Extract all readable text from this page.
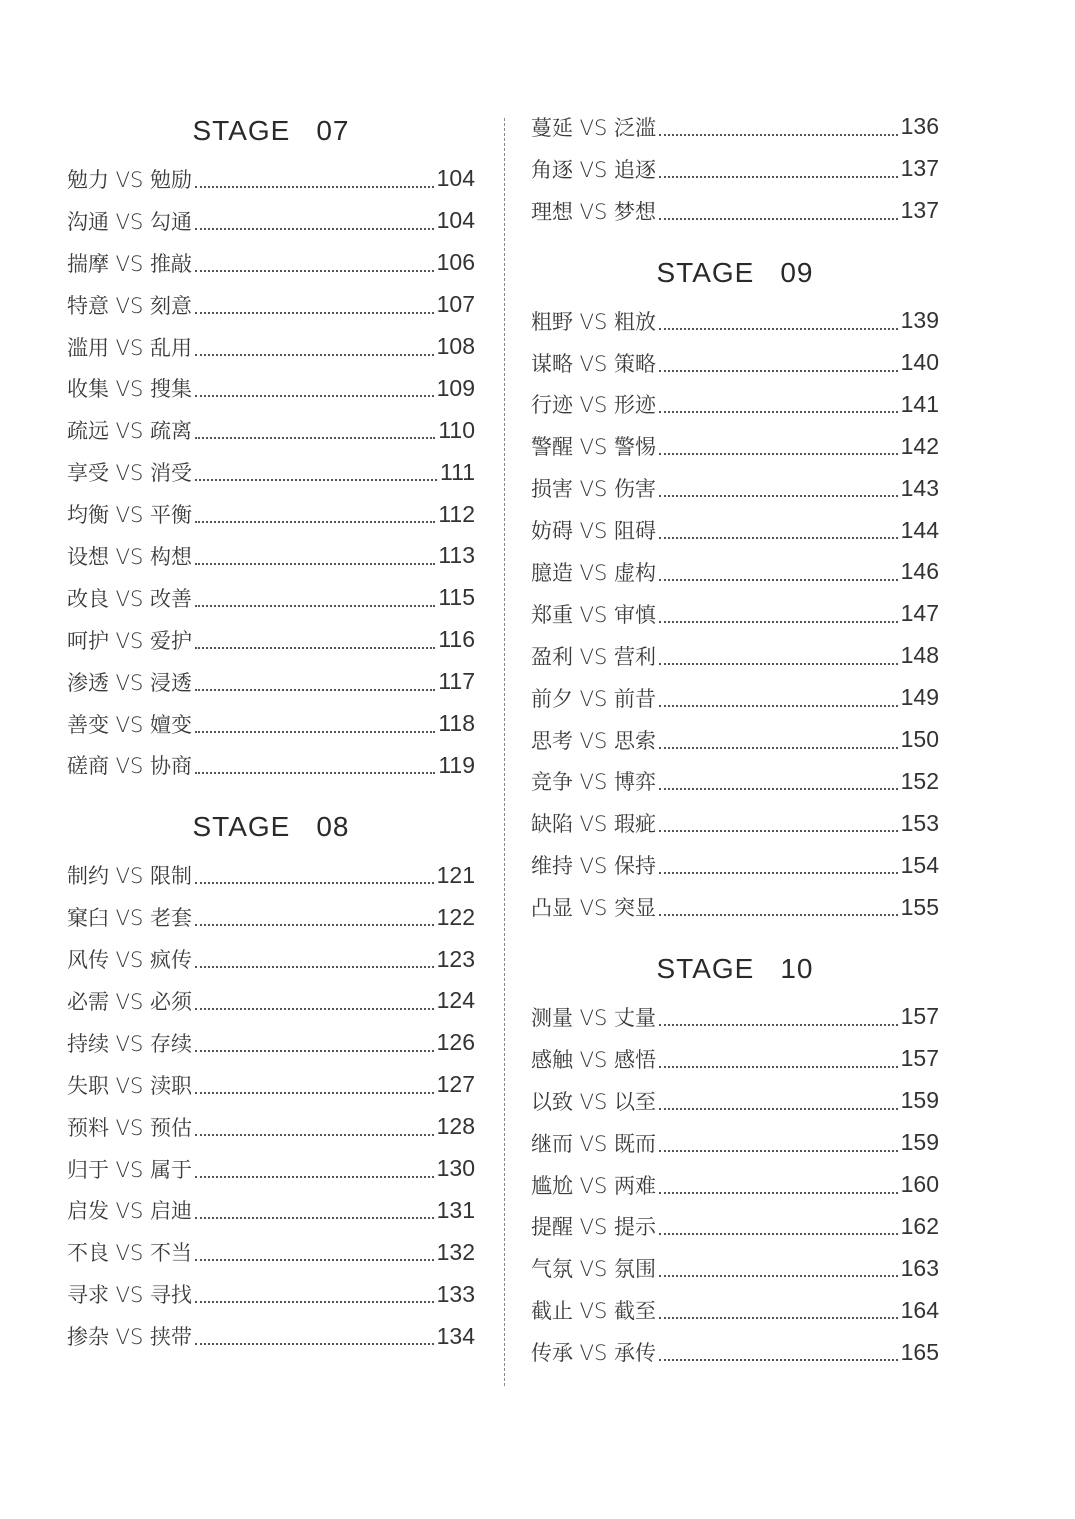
STAGE 07
勉力 VS 勉励	104
沟通 VS 勾通	104
揣摩 VS 推敲	106
特意 VS 刻意	107
滥用 VS 乱用	108
收集 VS 搜集	109
疏远 VS 疏离	110
享受 VS 消受	111
均衡 VS 平衡	112
设想 VS 构想	113
改良 VS 改善	115
呵护 VS 爱护	116
渗透 VS 浸透	117
善变 VS 嬗变	118
磋商 VS 协商	119
STAGE 08
制约 VS 限制	121
窠臼 VS 老套	122
风传 VS 疯传	123
必需 VS 必须	124
持续 VS 存续	126
失职 VS 渎职	127
预料 VS 预估	128
归于 VS 属于	130
启发 VS 启迪	131
不良 VS 不当	132
寻求 VS 寻找	133
掺杂 VS 挟带	134
蔓延 VS 泛滥	136
角逐 VS 追逐	137
理想 VS 梦想	137
STAGE 09
粗野 VS 粗放	139
谋略 VS 策略	140
行迹 VS 形迹	141
警醒 VS 警惕	142
损害 VS 伤害	143
妨碍 VS 阻碍	144
臆造 VS 虚构	146
郑重 VS 审慎	147
盈利 VS 营利	148
前夕 VS 前昔	149
思考 VS 思索	150
竞争 VS 博弈	152
缺陷 VS 瑕疵	153
维持 VS 保持	154
凸显 VS 突显	155
STAGE 10
测量 VS 丈量	157
感触 VS 感悟	157
以致 VS 以至	159
继而 VS 既而	159
尴尬 VS 两难	160
提醒 VS 提示	162
气氛 VS 氛围	163
截止 VS 截至	164
传承 VS 承传	165
